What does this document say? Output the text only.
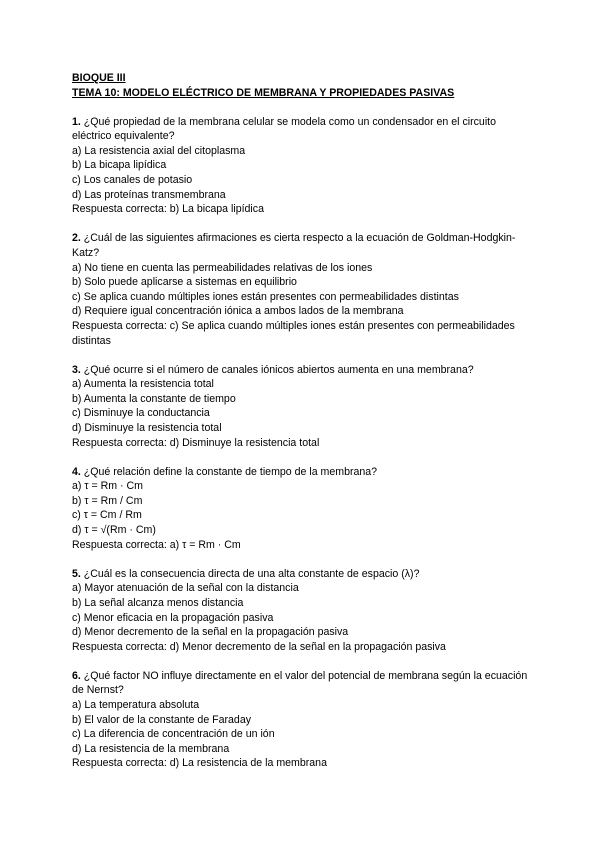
BIOQUE III
TEMA 10: MODELO ELÉCTRICO DE MEMBRANA Y PROPIEDADES PASIVAS
1. ¿Qué propiedad de la membrana celular se modela como un condensador en el circuito eléctrico equivalente?
a) La resistencia axial del citoplasma
b) La bicapa lipídica
c) Los canales de potasio
d) Las proteínas transmembrana
Respuesta correcta: b) La bicapa lipídica
2. ¿Cuál de las siguientes afirmaciones es cierta respecto a la ecuación de Goldman-Hodgkin-Katz?
a) No tiene en cuenta las permeabilidades relativas de los iones
b) Solo puede aplicarse a sistemas en equilibrio
c) Se aplica cuando múltiples iones están presentes con permeabilidades distintas
d) Requiere igual concentración iónica a ambos lados de la membrana
Respuesta correcta: c) Se aplica cuando múltiples iones están presentes con permeabilidades distintas
3. ¿Qué ocurre si el número de canales iónicos abiertos aumenta en una membrana?
a) Aumenta la resistencia total
b) Aumenta la constante de tiempo
c) Disminuye la conductancia
d) Disminuye la resistencia total
Respuesta correcta: d) Disminuye la resistencia total
4. ¿Qué relación define la constante de tiempo de la membrana?
a) τ = Rm · Cm
b) τ = Rm / Cm
c) τ = Cm / Rm
d) τ = √(Rm · Cm)
Respuesta correcta: a) τ = Rm · Cm
5. ¿Cuál es la consecuencia directa de una alta constante de espacio (λ)?
a) Mayor atenuación de la señal con la distancia
b) La señal alcanza menos distancia
c) Menor eficacia en la propagación pasiva
d) Menor decremento de la señal en la propagación pasiva
Respuesta correcta: d) Menor decremento de la señal en la propagación pasiva
6. ¿Qué factor NO influye directamente en el valor del potencial de membrana según la ecuación de Nernst?
a) La temperatura absoluta
b) El valor de la constante de Faraday
c) La diferencia de concentración de un ión
d) La resistencia de la membrana
Respuesta correcta: d) La resistencia de la membrana
